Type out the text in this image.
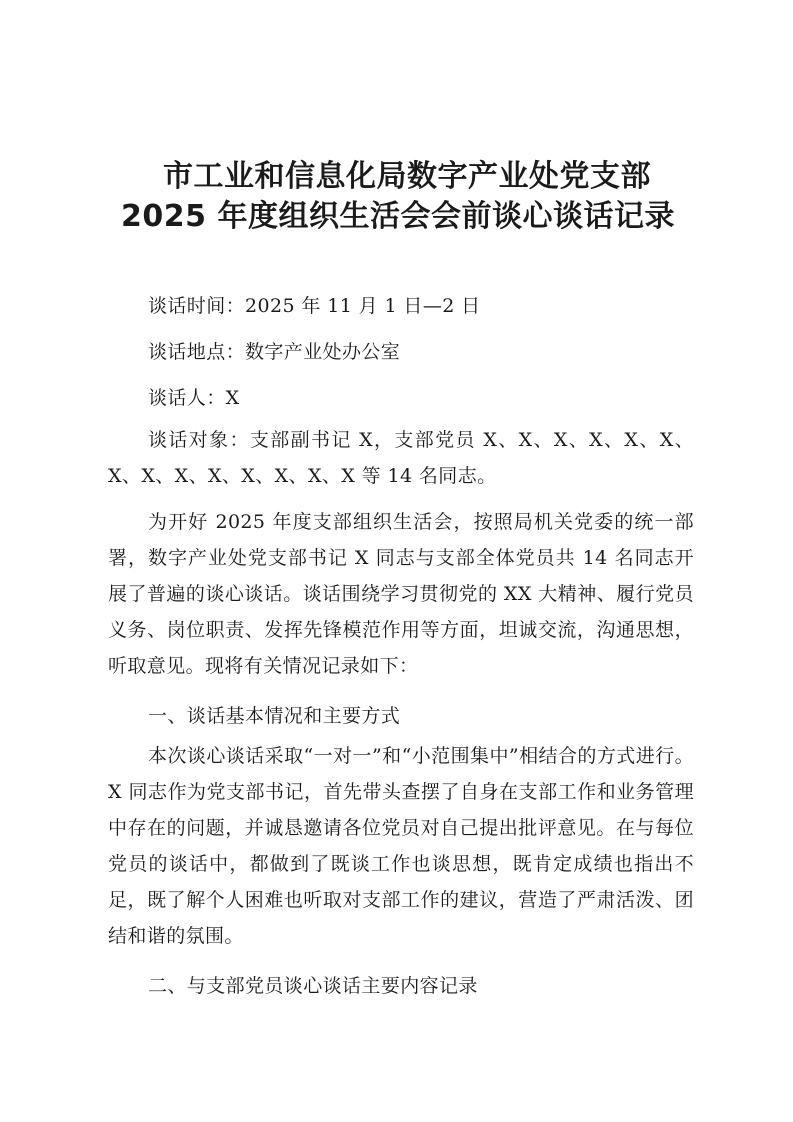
市工业和信息化局数字产业处党支部
2025 年度组织生活会会前谈心谈话记录
谈话时间：2025 年 11 月 1 日—2 日
谈话地点：数字产业处办公室
谈话人：X
谈话对象：支部副书记 X，支部党员 X、X、X、X、X、X、X、X、X、X、X、X、X、X 等 14 名同志。
为开好 2025 年度支部组织生活会，按照局机关党委的统一部署，数字产业处党支部书记 X 同志与支部全体党员共 14 名同志开展了普遍的谈心谈话。谈话围绕学习贯彻党的 XX 大精神、履行党员义务、岗位职责、发挥先锋模范作用等方面，坦诚交流，沟通思想，听取意见。现将有关情况记录如下：
一、谈话基本情况和主要方式
本次谈心谈话采取“一对一”和“小范围集中”相结合的方式进行。X 同志作为党支部书记，首先带头查摆了自身在支部工作和业务管理中存在的问题，并诚恳邀请各位党员对自己提出批评意见。在与每位党员的谈话中，都做到了既谈工作也谈思想，既肯定成绩也指出不足，既了解个人困难也听取对支部工作的建议，营造了严肃活泼、团结和谐的氛围。
二、与支部党员谈心谈话主要内容记录
